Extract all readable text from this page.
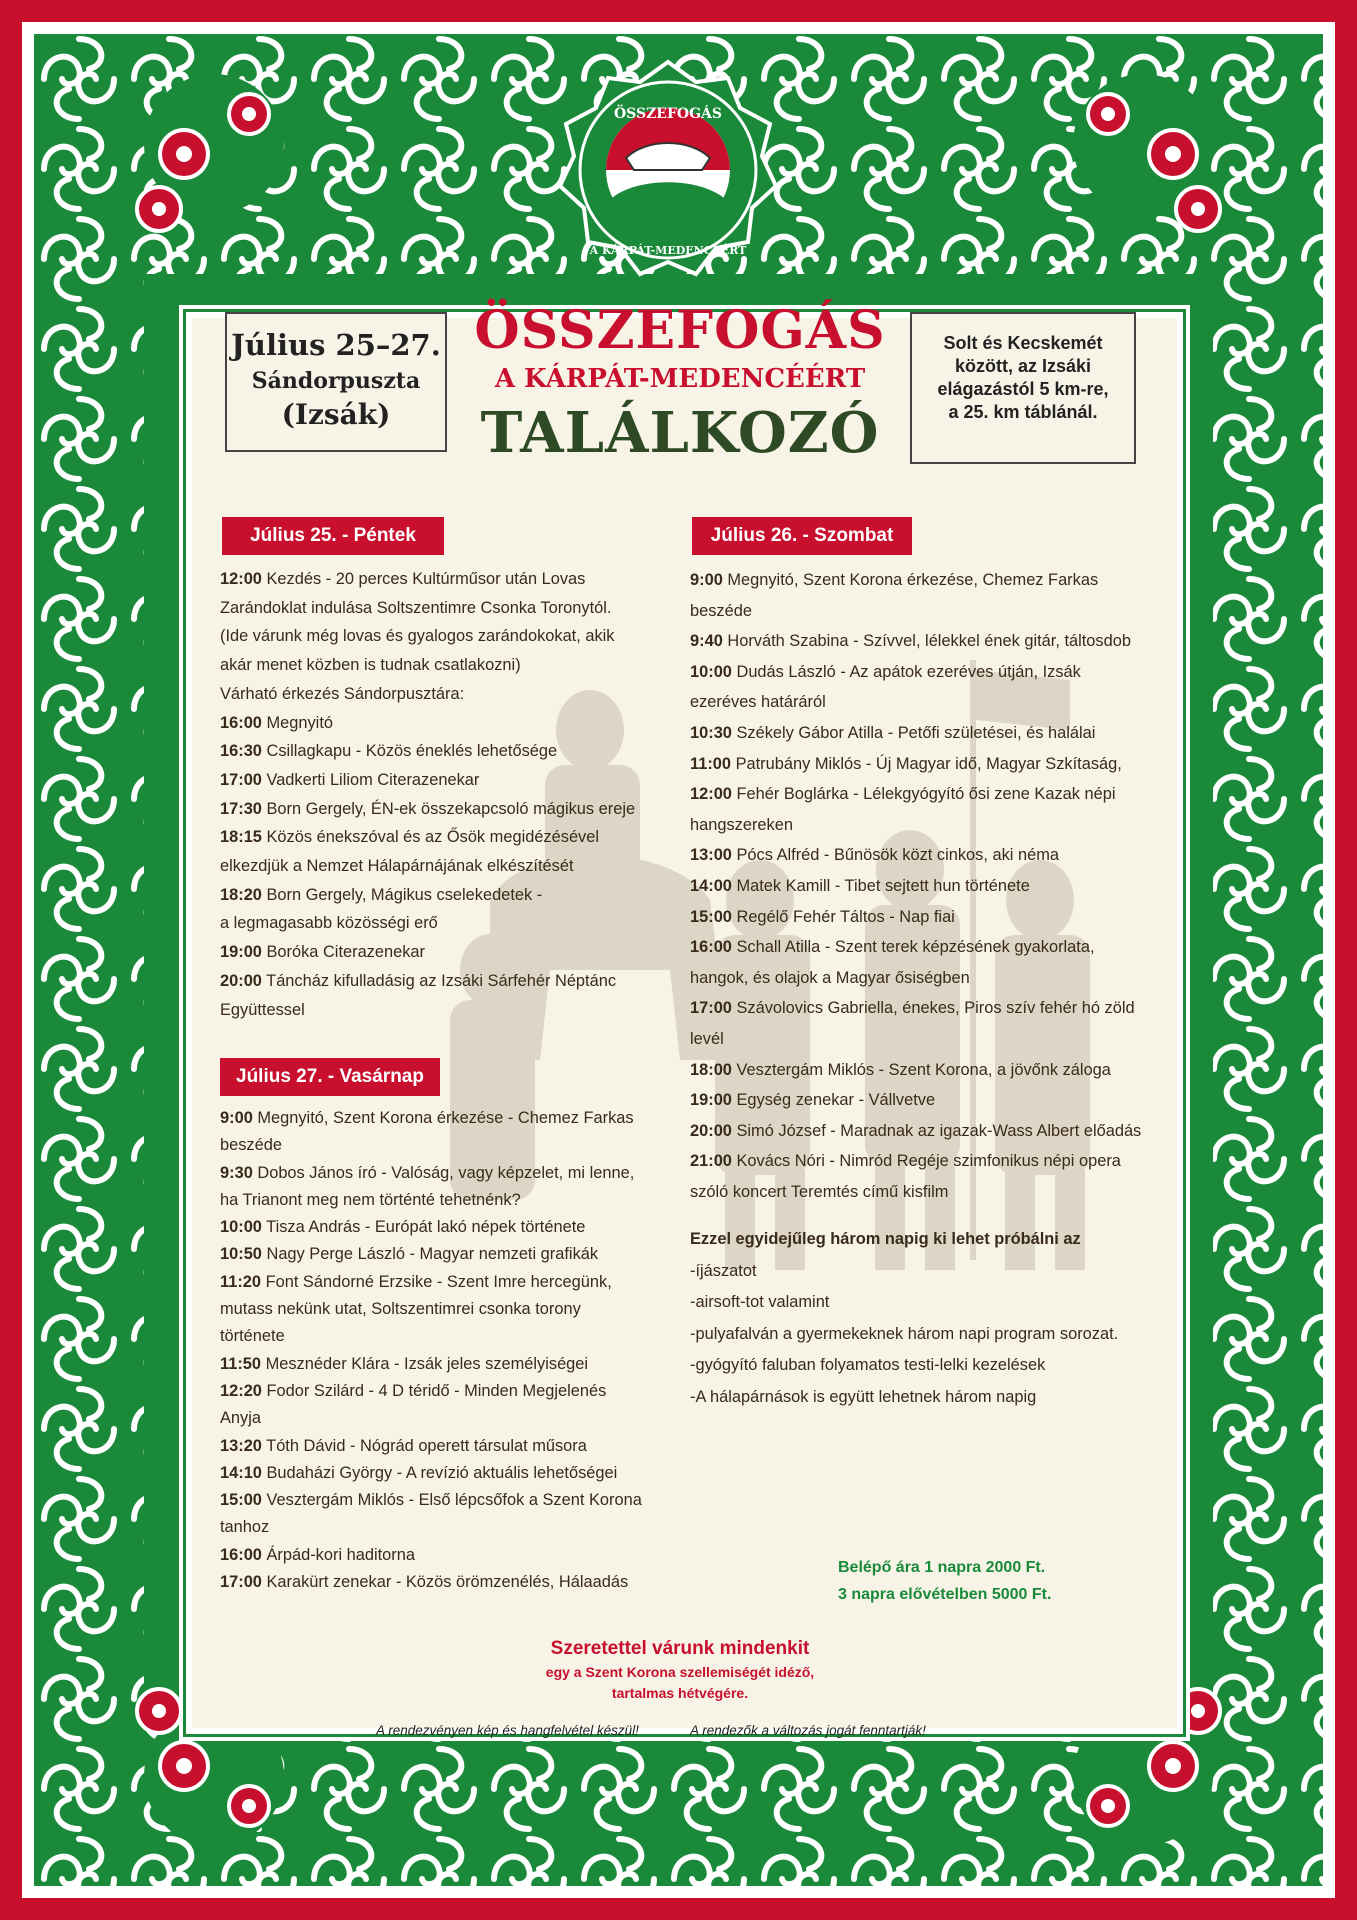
ÖSSZEFOGÁS
A KÁRPÁT-MEDENCÉÉRT
Július 25–27.
Sándorpuszta
(Izsák)
ÖSSZEFOGÁS
A KÁRPÁT-MEDENCÉÉRT
TALÁLKOZÓ
Solt és Kecskemét
között, az Izsáki
elágazástól 5 km-re,
a 25. km táblánál.
Július 25. - Péntek	Július 26. - Szombat
Július 27. - Vasárnap

12:00 Kezdés - 20 perces Kultúrműsor után Lovas

Zarándoklat indulása Soltszentimre Csonka Toronytól.

(Ide várunk még lovas és gyalogos zarándokokat, akik

akár menet közben is tudnak csatlakozni)

Várható érkezés Sándorpusztára:

16:00 Megnyitó

16:30 Csillagkapu - Közös éneklés lehetősége

17:00 Vadkerti Liliom Citerazenekar

17:30 Born Gergely, ÉN-ek összekapcsoló mágikus ereje

18:15 Közös énekszóval és az Ősök megidézésével

elkezdjük a Nemzet Hálapárnájának elkészítését

18:20 Born Gergely, Mágikus cselekedetek -

a legmagasabb közösségi erő

19:00 Boróka Citerazenekar

20:00 Táncház kifulladásig az Izsáki Sárfehér Néptánc

Együttessel

9:00 Megnyitó, Szent Korona érkezése, Chemez Farkas

beszéde

9:40 Horváth Szabina - Szívvel, lélekkel ének gitár, táltosdob

10:00 Dudás László - Az apátok ezeréves útján, Izsák

ezeréves határáról

10:30 Székely Gábor Atilla - Petőfi születései, és halálai

11:00 Patrubány Miklós - Új Magyar idő, Magyar Szkítaság,

12:00 Fehér Boglárka - Lélekgyógyító ősi zene Kazak népi

hangszereken

13:00 Pócs Alfréd - Bűnösök közt cinkos, aki néma

14:00 Matek Kamill - Tibet sejtett hun története

15:00 Regélő Fehér Táltos - Nap fiai

16:00 Schall Atilla - Szent terek képzésének gyakorlata,

hangok, és olajok a Magyar ősiségben

17:00 Szávolovics Gabriella, énekes, Piros szív fehér hó zöld levél

18:00 Vesztergám Miklós - Szent Korona, a jövőnk záloga

19:00 Egység zenekar - Vállvetve

20:00 Simó József - Maradnak az igazak-Wass Albert előadás

21:00 Kovács Nóri - Nimród Regéje szimfonikus népi opera

szóló koncert Teremtés című kisfilm

9:00 Megnyitó, Szent Korona érkezése - Chemez Farkas

beszéde

9:30 Dobos János író - Valóság, vagy képzelet, mi lenne,

ha Trianont meg nem történté tehetnénk?

10:00 Tisza András - Európát lakó népek története

10:50 Nagy Perge László - Magyar nemzeti grafikák

11:20 Font Sándorné Erzsike - Szent Imre hercegünk,

mutass nekünk utat, Soltszentimrei csonka torony

története

11:50 Mesznéder Klára - Izsák jeles személyiségei

12:20 Fodor Szilárd - 4 D téridő - Minden Megjelenés

Anyja

13:20 Tóth Dávid - Nógrád operett társulat műsora

14:10 Budaházi György - A revízió aktuális lehetőségei

15:00 Vesztergám Miklós - Első lépcsőfok a Szent Korona

tanhoz

16:00 Árpád-kori haditorna

17:00 Karakürt zenekar - Közös örömzenélés, Hálaadás

Ezzel egyidejűleg három napig ki lehet próbálni az

-íjászatot

-airsoft-tot valamint

-pulyafalván a gyermekeknek három napi program sorozat.

-gyógyító faluban folyamatos testi-lelki kezelések

-A hálapárnások is együtt lehetnek három napig

Belépő ára 1 napra 2000 Ft.

3 napra elővételben 5000 Ft.

Szeretettel várunk mindenkit
egy a Szent Korona szellemiségét idéző,
tartalmas hétvégére.
A rendezvényen kép és hangfelvétel készül!	A rendezők a változás jogát fenntartják!
